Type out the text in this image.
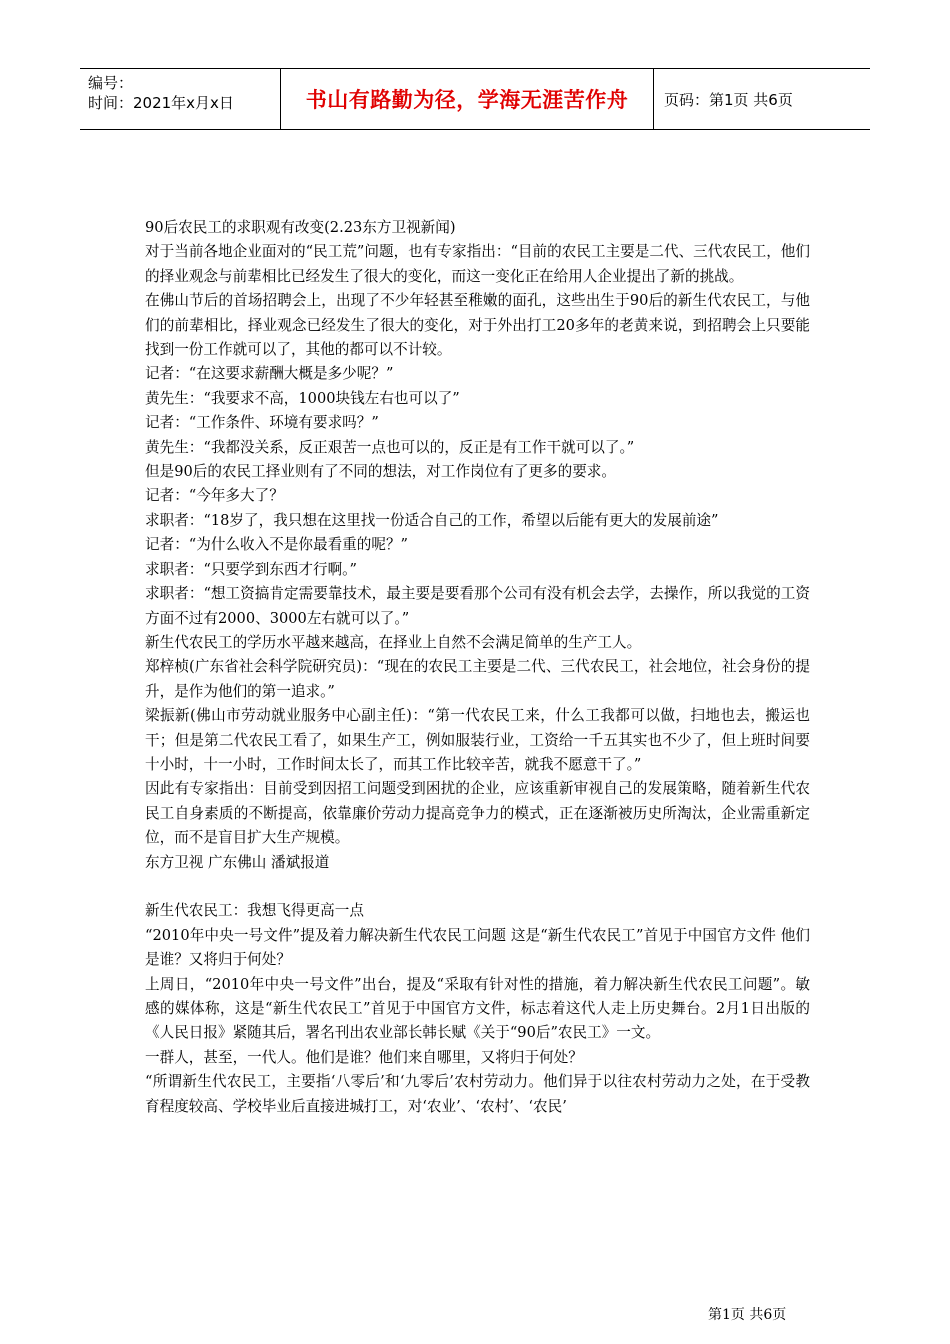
编号：
时间：2021年x月x日	书山有路勤为径，学海无涯苦作舟	页码：第1页 共6页

90后农民工的求职观有改变(2.23东方卫视新闻)

对于当前各地企业面对的“民工荒”问题，也有专家指出：“目前的农民工主要是二代、三代农民工，他们的择业观念与前辈相比已经发生了很大的变化，而这一变化正在给用人企业提出了新的挑战。

在佛山节后的首场招聘会上，出现了不少年轻甚至稚嫩的面孔，这些出生于90后的新生代农民工，与他们的前辈相比，择业观念已经发生了很大的变化，对于外出打工20多年的老黄来说，到招聘会上只要能找到一份工作就可以了，其他的都可以不计较。

记者：“在这要求薪酬大概是多少呢？”

黄先生：“我要求不高，1000块钱左右也可以了”

记者：“工作条件、环境有要求吗？”

黄先生：“我都没关系，反正艰苦一点也可以的，反正是有工作干就可以了。”

但是90后的农民工择业则有了不同的想法，对工作岗位有了更多的要求。

记者：“今年多大了？

求职者：“18岁了，我只想在这里找一份适合自己的工作，希望以后能有更大的发展前途”

记者：“为什么收入不是你最看重的呢？”

求职者：“只要学到东西才行啊。”

求职者：“想工资搞肯定需要靠技术，最主要是要看那个公司有没有机会去学，去操作，所以我觉的工资方面不过有2000、3000左右就可以了。”

新生代农民工的学历水平越来越高，在择业上自然不会满足简单的生产工人。

郑梓桢(广东省社会科学院研究员)：“现在的农民工主要是二代、三代农民工，社会地位，社会身份的提升，是作为他们的第一追求。”

梁振新(佛山市劳动就业服务中心副主任)：“第一代农民工来，什么工我都可以做，扫地也去，搬运也干；但是第二代农民工看了，如果生产工，例如服装行业，工资给一千五其实也不少了，但上班时间要十小时，十一小时，工作时间太长了，而其工作比较辛苦，就我不愿意干了。”

因此有专家指出：目前受到因招工问题受到困扰的企业，应该重新审视自己的发展策略，随着新生代农民工自身素质的不断提高，依靠廉价劳动力提高竞争力的模式，正在逐渐被历史所淘汰，企业需重新定位，而不是盲目扩大生产规模。

东方卫视 广东佛山 潘斌报道

新生代农民工：我想飞得更高一点

“2010年中央一号文件”提及着力解决新生代农民工问题 这是“新生代农民工”首见于中国官方文件 他们是谁？又将归于何处？

上周日，“2010年中央一号文件”出台，提及“采取有针对性的措施，着力解决新生代农民工问题”。敏感的媒体称，这是“新生代农民工”首见于中国官方文件，标志着这代人走上历史舞台。2月1日出版的《人民日报》紧随其后，署名刊出农业部长韩长赋《关于“90后”农民工》一文。

一群人，甚至，一代人。他们是谁？他们来自哪里，又将归于何处？

“所谓新生代农民工，主要指‘八零后’和‘九零后’农村劳动力。他们异于以往农村劳动力之处，在于受教育程度较高、学校毕业后直接进城打工，对‘农业’、‘农村’、‘农民’

第1页 共6页
